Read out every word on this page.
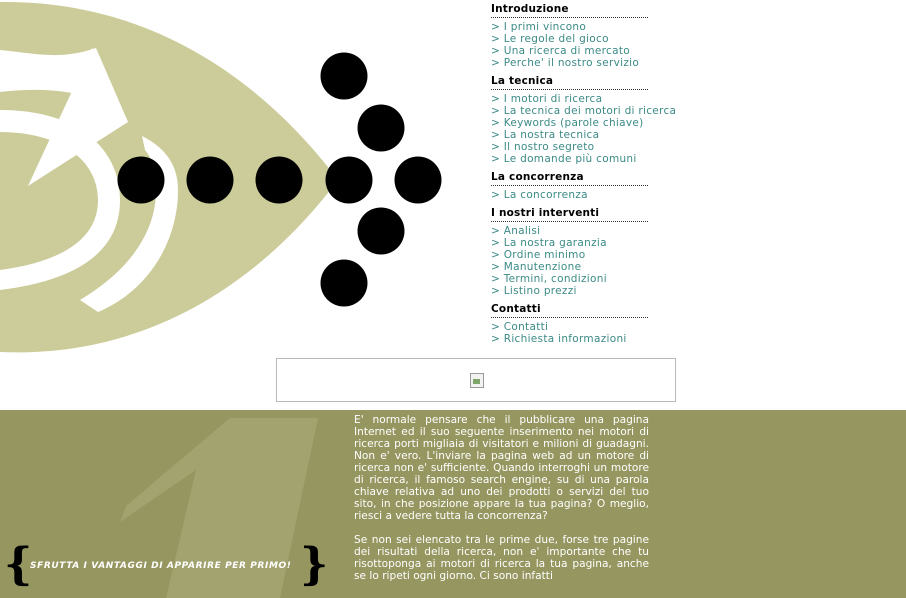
Introduzione
> I primi vincono
> Le regole del gioco
> Una ricerca di mercato
> Perche' il nostro servizio
La tecnica
> I motori di ricerca
> La tecnica dei motori di ricerca
> Keywords (parole chiave)
> La nostra tecnica
> Il nostro segreto
> Le domande più comuni
La concorrenza
> La concorrenza
I nostri interventi
> Analisi
> La nostra garanzia
> Ordine minimo
> Manutenzione
> Termini, condizioni
> Listino prezzi
Contatti
> Contatti
> Richiesta informazioni

E' normale pensare che il pubblicare una pagina Internet ed il suo seguente inserimento nei motori di ricerca porti migliaia di visitatori e milioni di guadagni. Non e' vero. L'inviare la pagina web ad un motore di ricerca non e' sufficiente. Quando interroghi un motore di ricerca, il famoso search engine, su di una parola chiave relativa ad uno dei prodotti o servizi del tuo sito, in che posizione appare la tua pagina? O meglio, riesci a vedere tutta la concorrenza?

Se non sei elencato tra le prime due, forse tre pagine dei risultati della ricerca, non e' importante che tu risottoponga ai motori di ricerca la tua pagina, anche se lo ripeti ogni giorno. Ci sono infatti

{
SFRUTTA I VANTAGGI DI APPARIRE PER PRIMO! }
